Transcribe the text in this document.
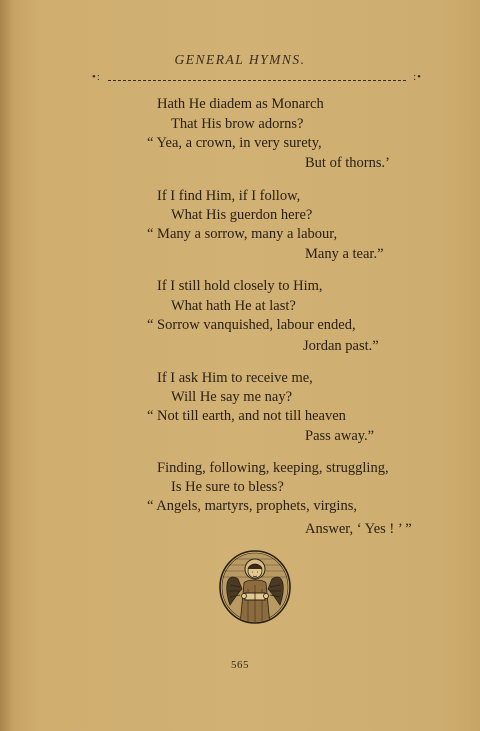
GENERAL HYMNS.
•:	:•
Hath He diadem as Monarch
That His brow adorns?
“ Yea, a crown, in very surety,
But of thorns.’
If I find Him, if I follow,
What His guerdon here?
“ Many a sorrow, many a labour,
Many a tear.”
If I still hold closely to Him,
What hath He at last?
“ Sorrow vanquished, labour ended,
Jordan past.”
If I ask Him to receive me,
Will He say me nay?
“ Not till earth, and not till heaven
Pass away.”
Finding, following, keeping, struggling,
Is He sure to bless?
“ Angels, martyrs, prophets, virgins,
Answer, ‘ Yes ! ’ ”
565
